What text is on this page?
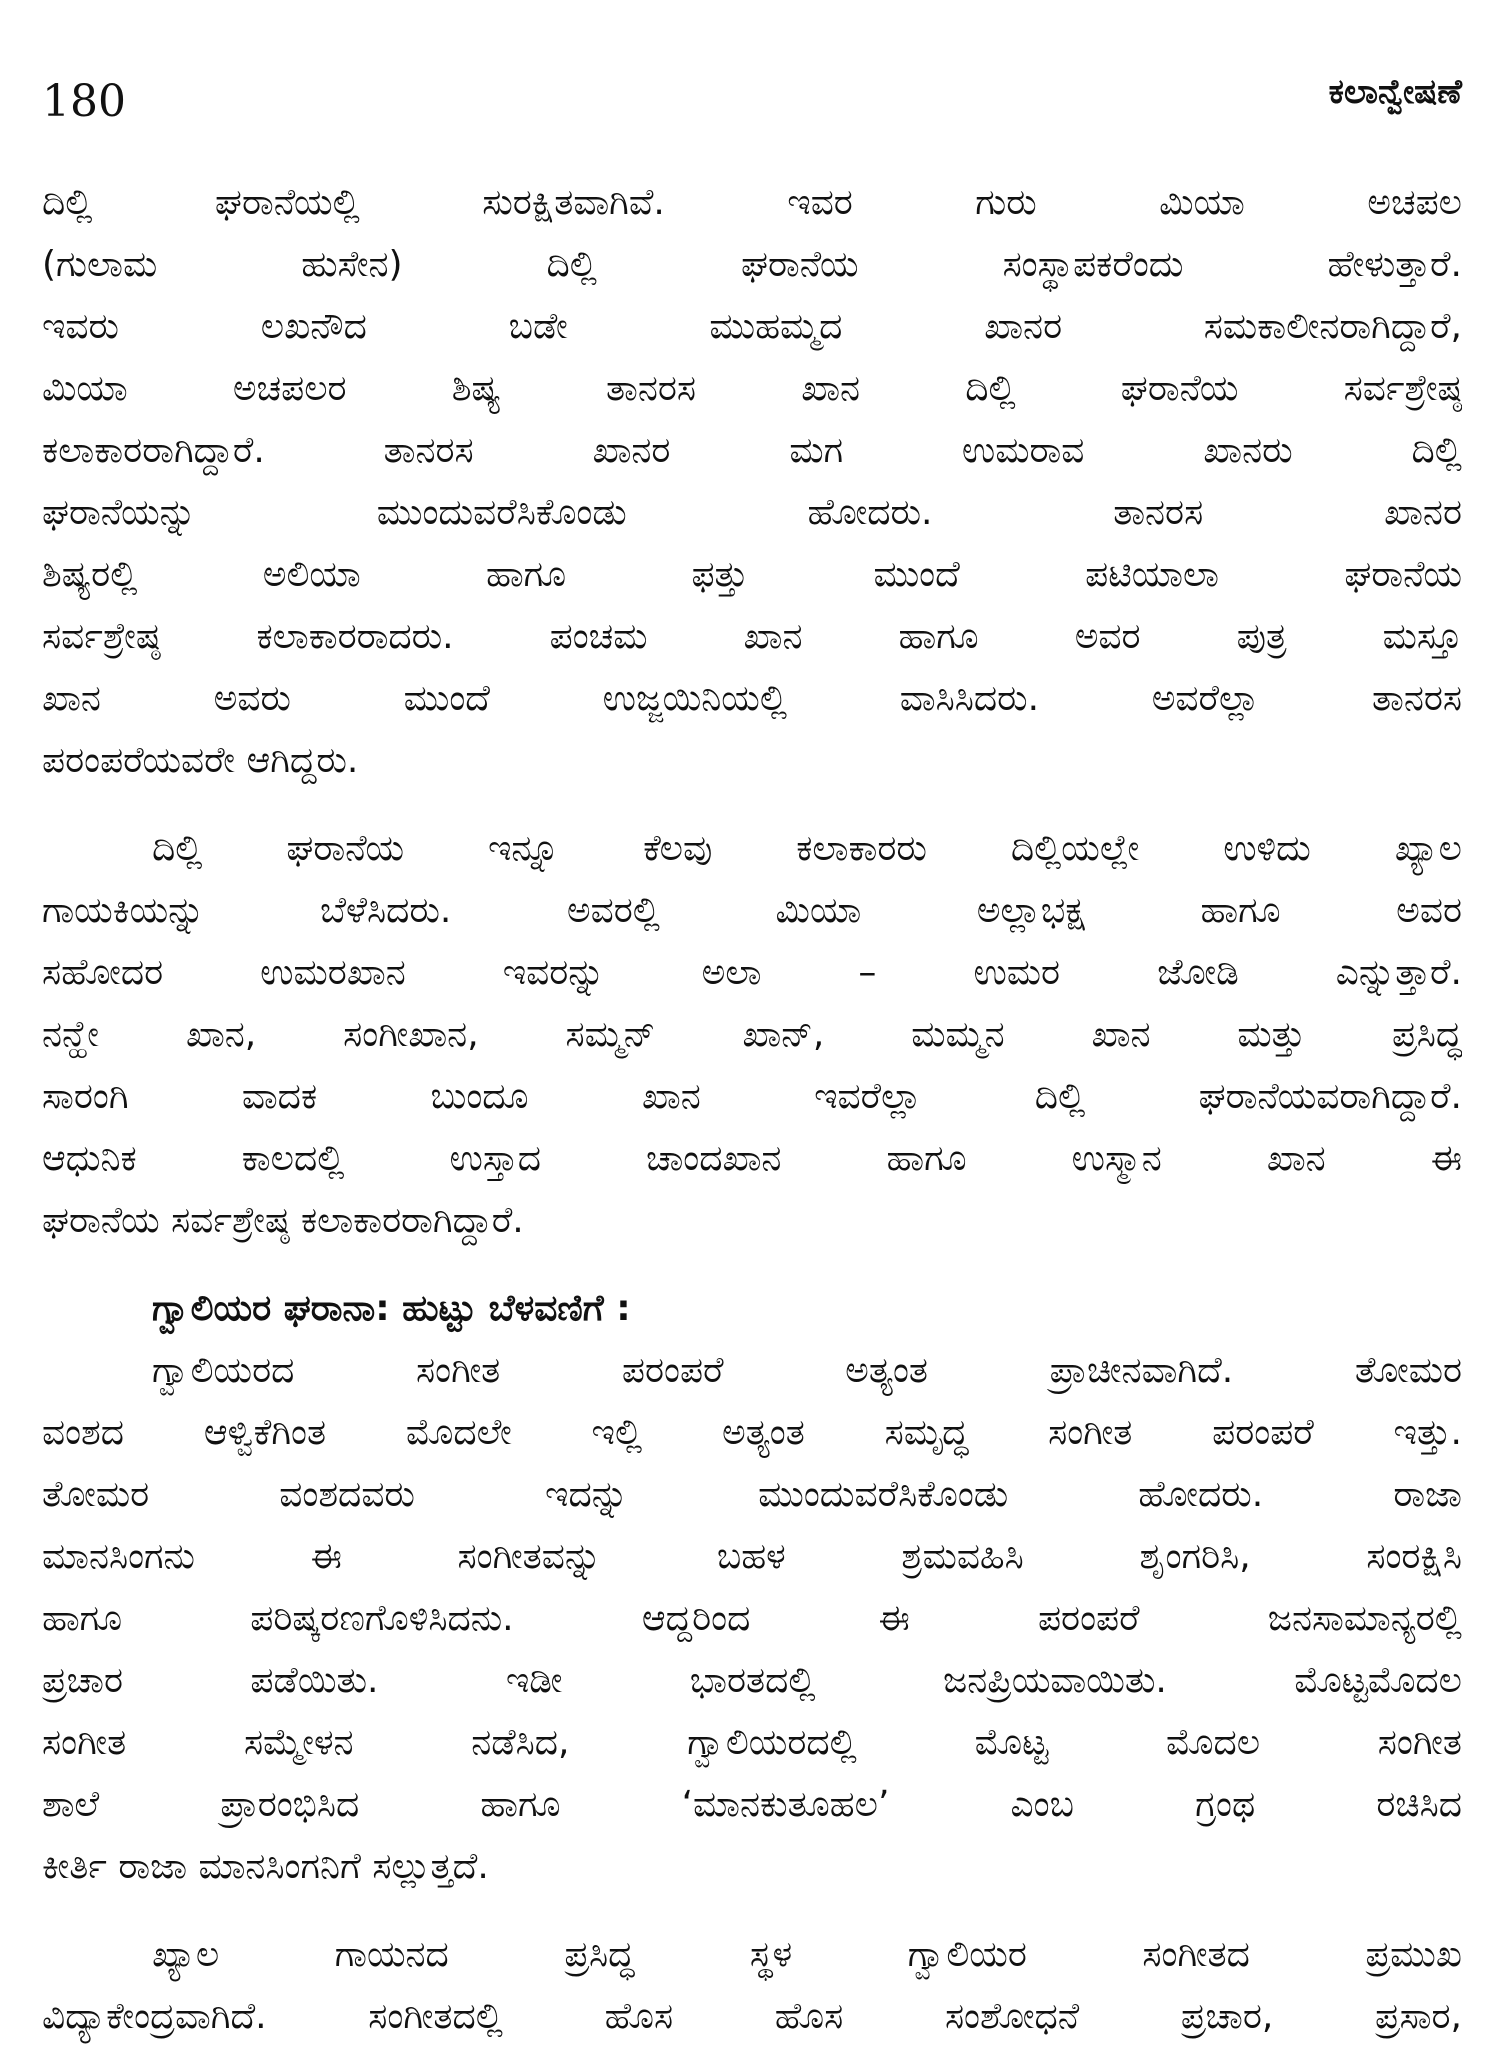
180	ಕಲಾನ್ವೇಷಣೆ
ದಿಲ್ಲಿ ಘರಾನೆಯಲ್ಲಿ ಸುರಕ್ಷಿತವಾಗಿವೆ. ಇವರ ಗುರು ಮಿಯಾ ಅಚಪಲ
(ಗುಲಾಮ ಹುಸೇನ) ದಿಲ್ಲಿ ಘರಾನೆಯ ಸಂಸ್ಥಾಪಕರೆಂದು ಹೇಳುತ್ತಾರೆ.
ಇವರು ಲಖನೌದ ಬಡೇ ಮುಹಮ್ಮದ ಖಾನರ ಸಮಕಾಲೀನರಾಗಿದ್ದಾರೆ,
ಮಿಯಾ ಅಚಪಲರ ಶಿಷ್ಯ ತಾನರಸ ಖಾನ ದಿಲ್ಲಿ ಘರಾನೆಯ ಸರ್ವಶ್ರೇಷ್ಠ
ಕಲಾಕಾರರಾಗಿದ್ದಾರೆ. ತಾನರಸ ಖಾನರ ಮಗ ಉಮರಾವ ಖಾನರು ದಿಲ್ಲಿ
ಘರಾನೆಯನ್ನು ಮುಂದುವರೆಸಿಕೊಂಡು ಹೋದರು. ತಾನರಸ ಖಾನರ
ಶಿಷ್ಯರಲ್ಲಿ ಅಲಿಯಾ ಹಾಗೂ ಫತ್ತು ಮುಂದೆ ಪಟಿಯಾಲಾ ಘರಾನೆಯ
ಸರ್ವಶ್ರೇಷ್ಠ ಕಲಾಕಾರರಾದರು. ಪಂಚಮ ಖಾನ ಹಾಗೂ ಅವರ ಪುತ್ರ ಮಸ್ತೂ
ಖಾನ ಅವರು ಮುಂದೆ ಉಜ್ಜಯಿನಿಯಲ್ಲಿ ವಾಸಿಸಿದರು. ಅವರೆಲ್ಲಾ ತಾನರಸ
ಪರಂಪರೆಯವರೇ ಆಗಿದ್ದರು.
ದಿಲ್ಲಿ ಘರಾನೆಯ ಇನ್ನೂ ಕೆಲವು ಕಲಾಕಾರರು ದಿಲ್ಲಿಯಲ್ಲೇ ಉಳಿದು ಖ್ಯಾಲ
ಗಾಯಕಿಯನ್ನು ಬೆಳೆಸಿದರು. ಅವರಲ್ಲಿ ಮಿಯಾ ಅಲ್ಲಾಭಕ್ಷ ಹಾಗೂ ಅವರ
ಸಹೋದರ ಉಮರಖಾನ ಇವರನ್ನು ಅಲಾ – ಉಮರ ಜೋಡಿ ಎನ್ನುತ್ತಾರೆ.
ನನ್ಹೇ ಖಾನ, ಸಂಗೀಖಾನ, ಸಮ್ಮನ್ ಖಾನ್, ಮಮ್ಮನ ಖಾನ ಮತ್ತು ಪ್ರಸಿದ್ಧ
ಸಾರಂಗಿ ವಾದಕ ಬುಂದೂ ಖಾನ ಇವರೆಲ್ಲಾ ದಿಲ್ಲಿ ಘರಾನೆಯವರಾಗಿದ್ದಾರೆ.
ಆಧುನಿಕ ಕಾಲದಲ್ಲಿ ಉಸ್ತಾದ ಚಾಂದಖಾನ ಹಾಗೂ ಉಸ್ಮಾನ ಖಾನ ಈ
ಘರಾನೆಯ ಸರ್ವಶ್ರೇಷ್ಠ ಕಲಾಕಾರರಾಗಿದ್ದಾರೆ.
ಗ್ವಾಲಿಯರ ಘರಾನಾ: ಹುಟ್ಟು ಬೆಳವಣಿಗೆ :
ಗ್ವಾಲಿಯರದ ಸಂಗೀತ ಪರಂಪರೆ ಅತ್ಯಂತ ಪ್ರಾಚೀನವಾಗಿದೆ. ತೋಮರ
ವಂಶದ ಆಳ್ವಿಕೆಗಿಂತ ಮೊದಲೇ ಇಲ್ಲಿ ಅತ್ಯಂತ ಸಮೃದ್ಧ ಸಂಗೀತ ಪರಂಪರೆ ಇತ್ತು.
ತೋಮರ ವಂಶದವರು ಇದನ್ನು ಮುಂದುವರೆಸಿಕೊಂಡು ಹೋದರು. ರಾಜಾ
ಮಾನಸಿಂಗನು ಈ ಸಂಗೀತವನ್ನು ಬಹಳ ಶ್ರಮವಹಿಸಿ ಶೃಂಗರಿಸಿ, ಸಂರಕ್ಷಿಸಿ
ಹಾಗೂ ಪರಿಷ್ಕರಣಗೊಳಿಸಿದನು. ಆದ್ದರಿಂದ ಈ ಪರಂಪರೆ ಜನಸಾಮಾನ್ಯರಲ್ಲಿ
ಪ್ರಚಾರ ಪಡೆಯಿತು. ಇಡೀ ಭಾರತದಲ್ಲಿ ಜನಪ್ರಿಯವಾಯಿತು. ಮೊಟ್ಟಮೊದಲ
ಸಂಗೀತ ಸಮ್ಮೇಳನ ನಡೆಸಿದ, ಗ್ವಾಲಿಯರದಲ್ಲಿ ಮೊಟ್ಟ ಮೊದಲ ಸಂಗೀತ
ಶಾಲೆ ಪ್ರಾರಂಭಿಸಿದ ಹಾಗೂ ‘ಮಾನಕುತೂಹಲ’ ಎಂಬ ಗ್ರಂಥ ರಚಿಸಿದ
ಕೀರ್ತಿ ರಾಜಾ ಮಾನಸಿಂಗನಿಗೆ ಸಲ್ಲುತ್ತದೆ.
ಖ್ಯಾಲ ಗಾಯನದ ಪ್ರಸಿದ್ಧ ಸ್ಥಳ ಗ್ವಾಲಿಯರ ಸಂಗೀತದ ಪ್ರಮುಖ
ವಿದ್ಯಾಕೇಂದ್ರವಾಗಿದೆ. ಸಂಗೀತದಲ್ಲಿ ಹೊಸ ಹೊಸ ಸಂಶೋಧನೆ ಪ್ರಚಾರ, ಪ್ರಸಾರ,
